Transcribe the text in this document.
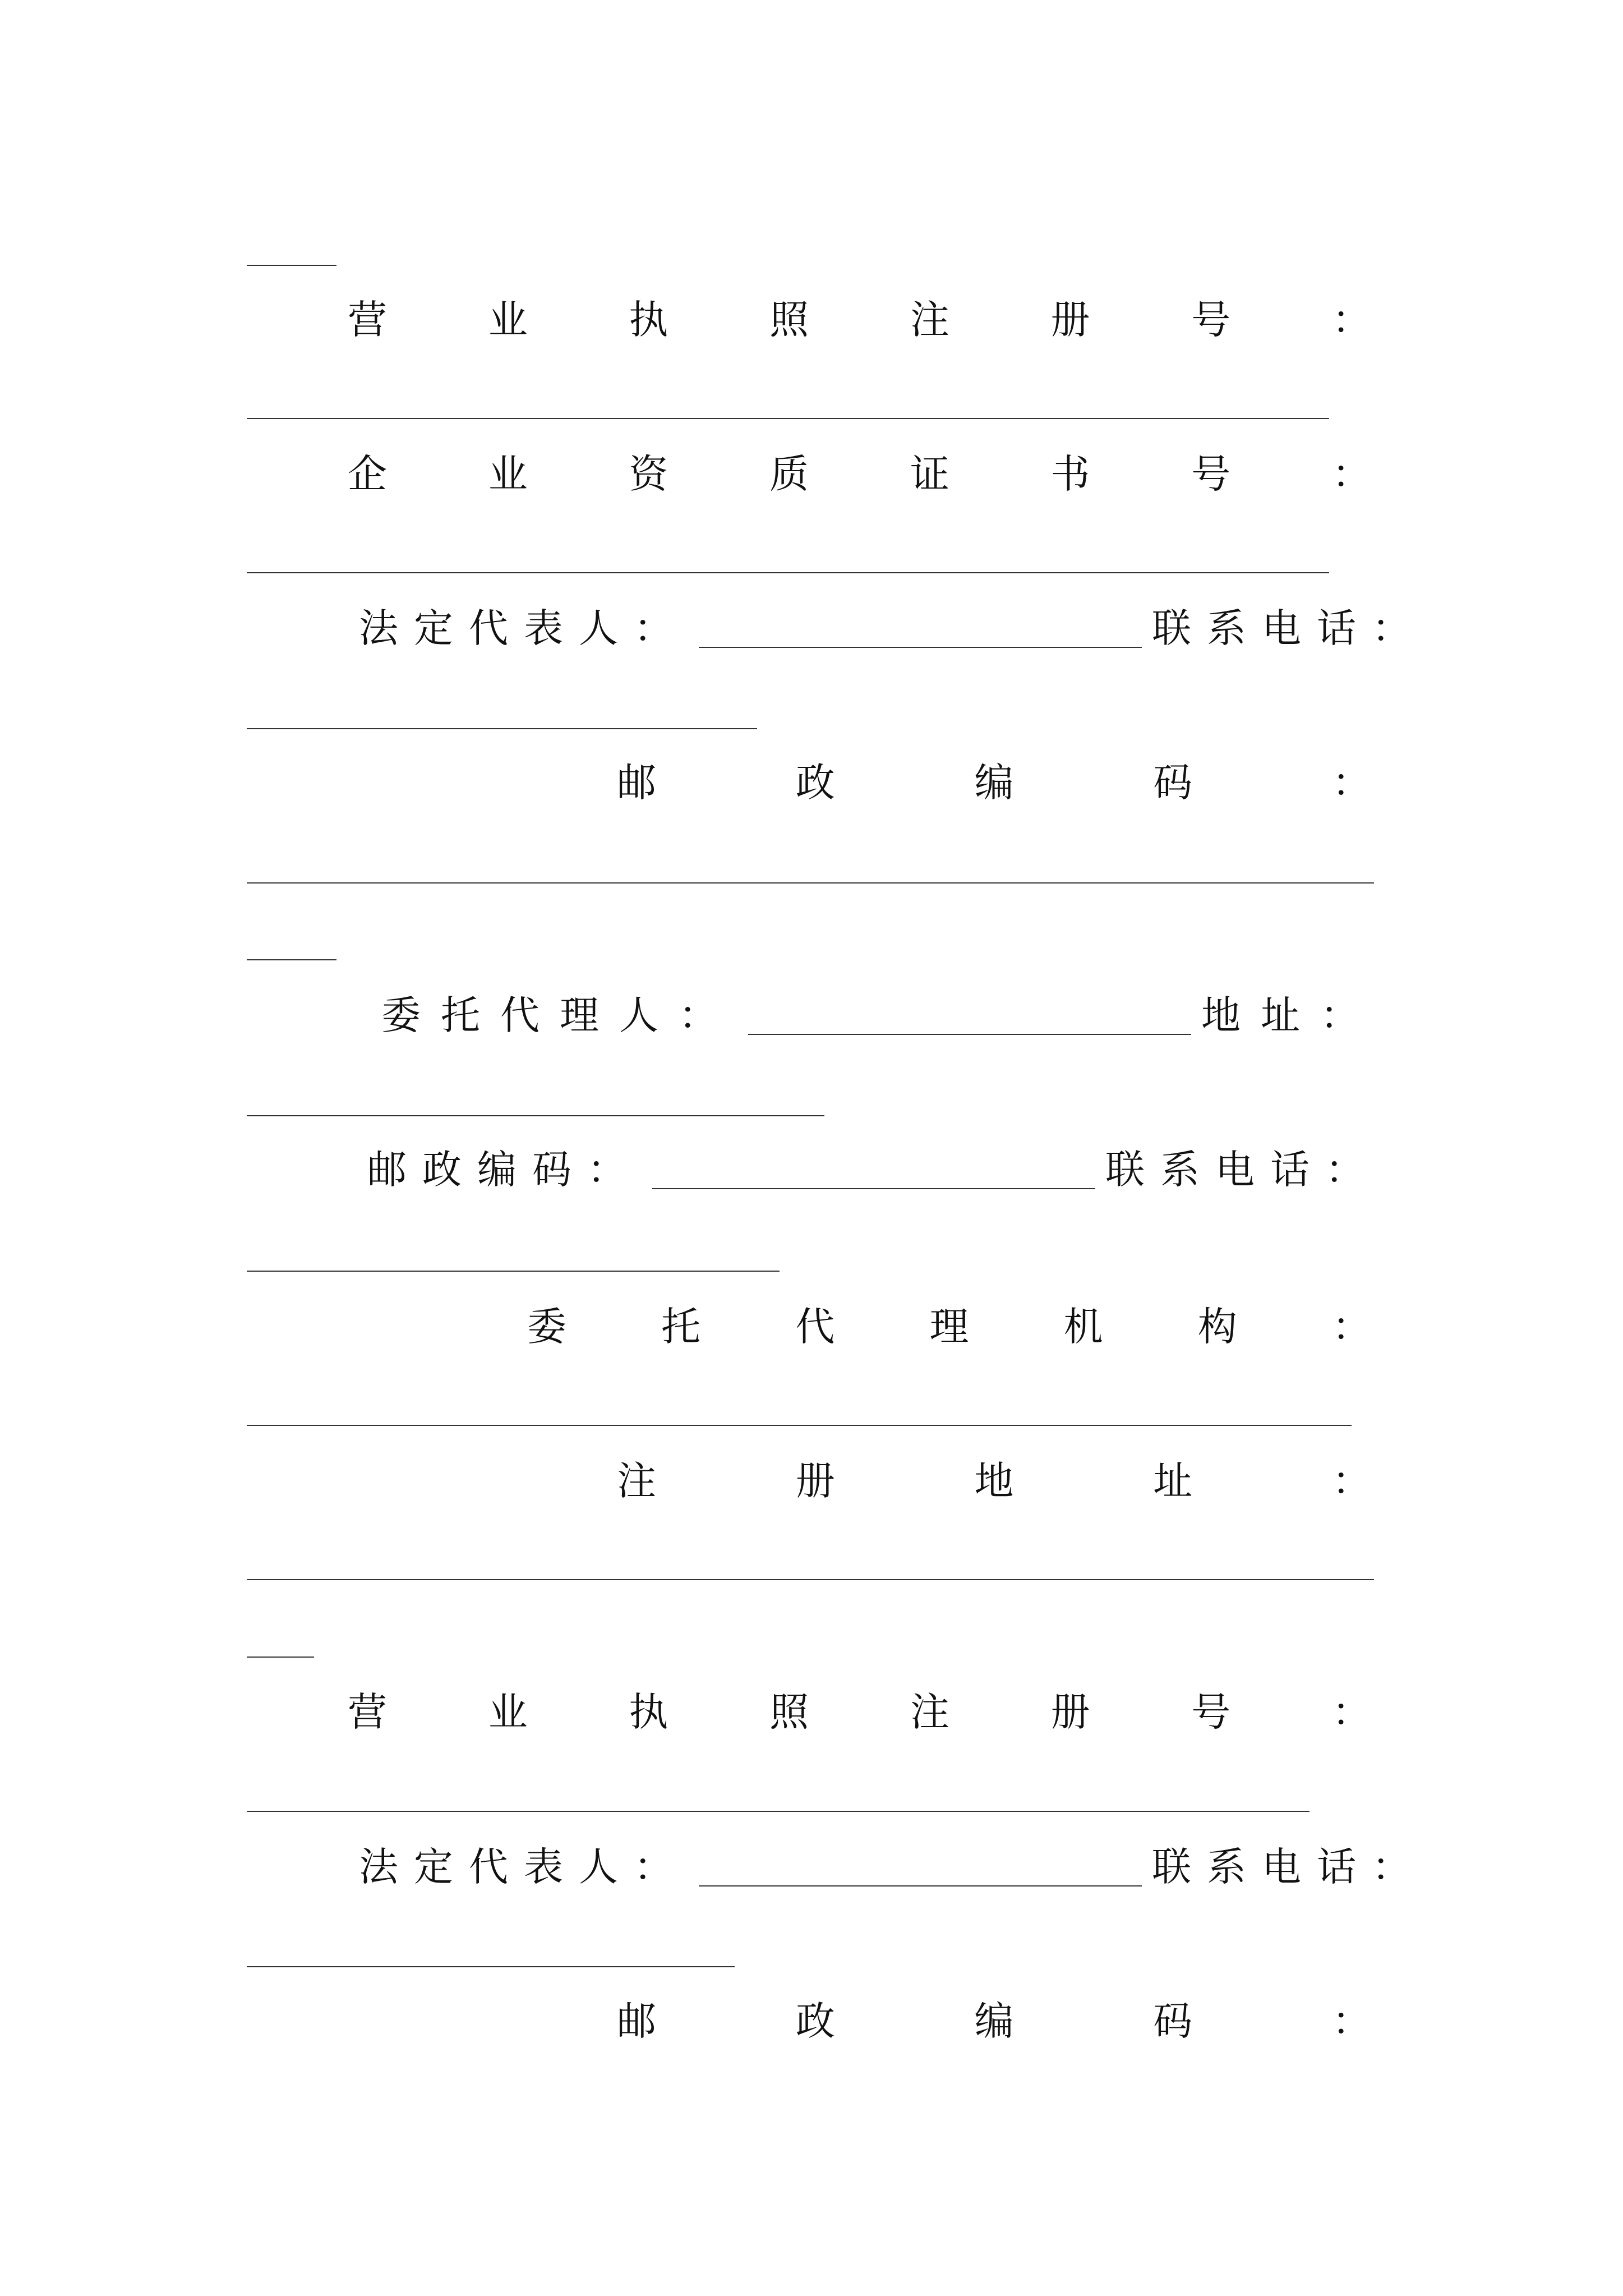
营	业	执	照	注	册	号	：
企	业	资	质	证	书	号	：
法定代表人：	联系电话：
邮	政	编	码	：
委托代理人：	地址：
邮政编码：	联系电话：
委 托 代 理 机 构 ：
注	册	地	址	：
营	业	执	照	注	册	号	：
法定代表人：	联系电话：
邮	政	编	码	：
